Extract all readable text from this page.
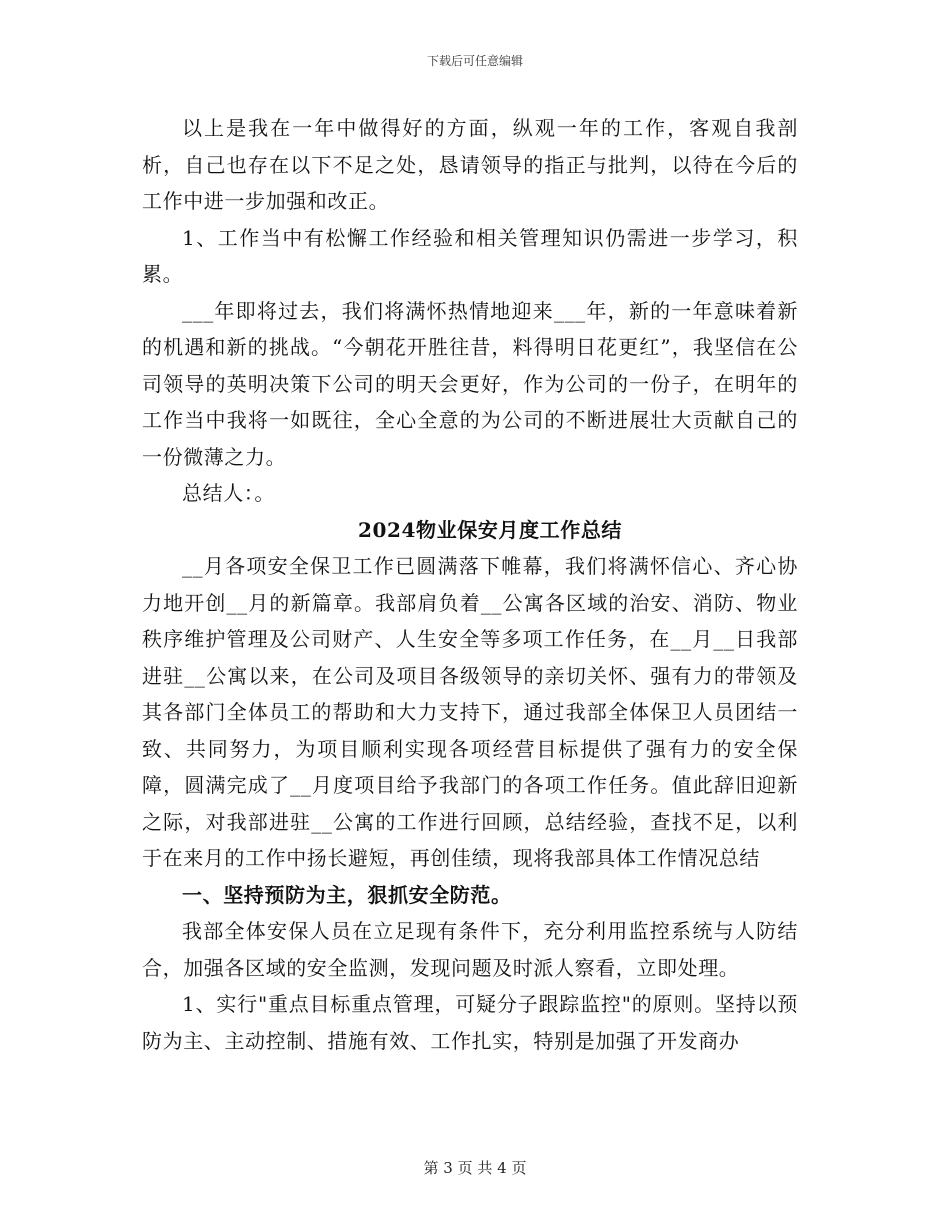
下载后可任意编辑

以上是我在一年中做得好的方面，纵观一年的工作，客观自我剖析，自己也存在以下不足之处，恳请领导的指正与批判，以待在今后的工作中进一步加强和改正。

1、工作当中有松懈工作经验和相关管理知识仍需进一步学习，积累。

___年即将过去，我们将满怀热情地迎来___年，新的一年意味着新的机遇和新的挑战。“今朝花开胜往昔，料得明日花更红”，我坚信在公司领导的英明决策下公司的明天会更好，作为公司的一份子，在明年的工作当中我将一如既往，全心全意的为公司的不断进展壮大贡献自己的一份微薄之力。

总结人：。

2024物业保安月度工作总结

__月各项安全保卫工作已圆满落下帷幕，我们将满怀信心、齐心协力地开创__月的新篇章。我部肩负着__公寓各区域的治安、消防、物业秩序维护管理及公司财产、人生安全等多项工作任务，在__月__日我部进驻__公寓以来，在公司及项目各级领导的亲切关怀、强有力的带领及其各部门全体员工的帮助和大力支持下，通过我部全体保卫人员团结一致、共同努力，为项目顺利实现各项经营目标提供了强有力的安全保障，圆满完成了__月度项目给予我部门的各项工作任务。值此辞旧迎新之际，对我部进驻__公寓的工作进行回顾，总结经验，查找不足，以利于在来月的工作中扬长避短，再创佳绩，现将我部具体工作情况总结

一、坚持预防为主，狠抓安全防范。

我部全体安保人员在立足现有条件下，充分利用监控系统与人防结合，加强各区域的安全监测，发现问题及时派人察看，立即处理。

1、实行"重点目标重点管理，可疑分子跟踪监控"的原则。坚持以预防为主、主动控制、措施有效、工作扎实，特别是加强了开发商办

第 3 页 共 4 页
